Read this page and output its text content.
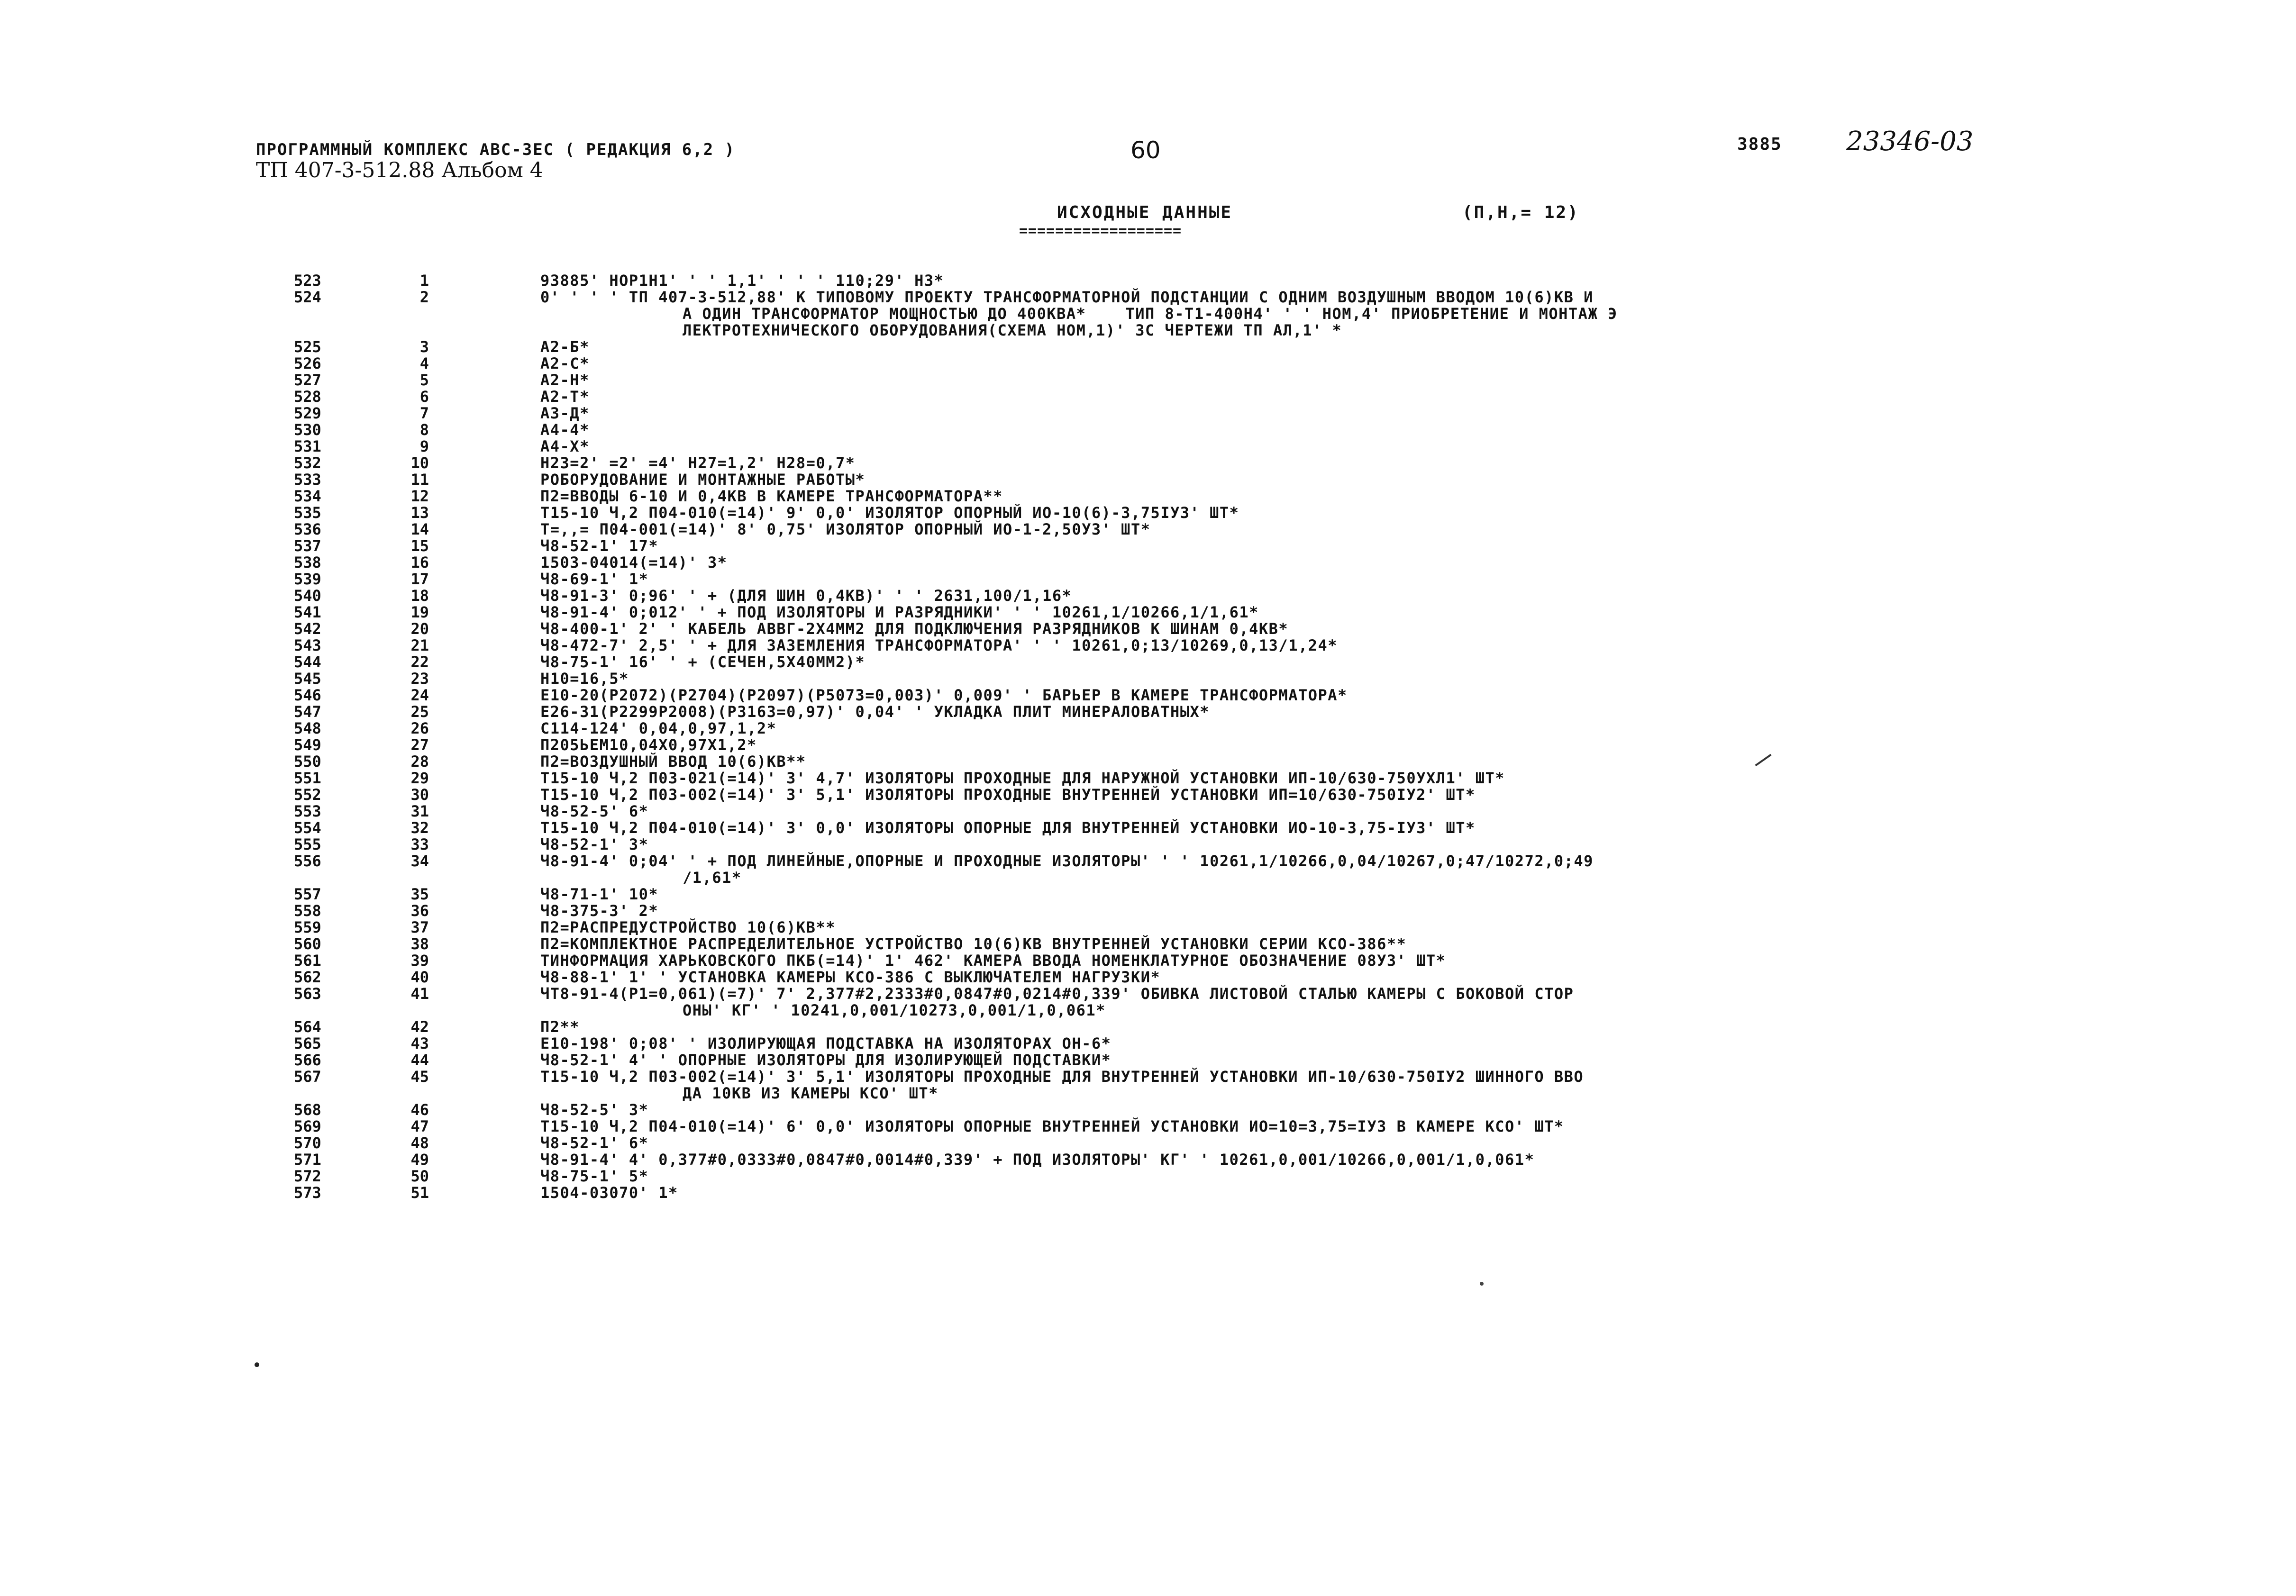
ПРОГРАММНЫЙ КОМПЛЕКС АВС-ЗЕС ( РЕДАКЦИЯ 6,2 )
ТП 407-3-512.88 Альбом 4
60	3885 23346-03
ИСХОДНЫЕ ДАННЫЕ
==================
(П,Н,= 12)
523	1	93885' НОР1Н1' ' ' 1,1' ' ' ' 110;29' Н3*
524	2	0' ' ' ' ТП 407-3-512,88' К ТИПОВОМУ ПРОЕКТУ ТРАНСФОРМАТОРНОЙ ПОДСТАНЦИИ С ОДНИМ ВОЗДУШНЫМ ВВОДОМ 10(6)КВ И
А ОДИН ТРАНСФОРМАТОР МОЩНОСТЬЮ ДО 400КВА*    ТИП 8-Т1-400Н4' ' ' НОМ,4' ПРИОБРЕТЕНИЕ И МОНТАЖ Э
ЛЕКТРОТЕХНИЧЕСКОГО ОБОРУДОВАНИЯ(СХЕМА НОМ,1)' ЗС ЧЕРТЕЖИ ТП АЛ,1' *
525	3	А2-Б*
526	4	А2-С*
527	5	А2-Н*
528	6	А2-Т*
529	7	А3-Д*
530	8	А4-4*
531	9	А4-Х*
532	10	Н23=2' =2' =4' Н27=1,2' Н28=0,7*
533	11	РОБОРУДОВАНИЕ И МОНТАЖНЫЕ РАБОТЫ*
534	12	П2=ВВОДЫ 6-10 И 0,4КВ В КАМЕРЕ ТРАНСФОРМАТОРА**
535	13	Т15-10 Ч,2 П04-010(=14)' 9' 0,0' ИЗОЛЯТОР ОПОРНЫЙ ИО-10(6)-3,75IУ3' ШТ*
536	14	Т=,,= П04-001(=14)' 8' 0,75' ИЗОЛЯТОР ОПОРНЫЙ ИО-1-2,50У3' ШТ*
537	15	Ч8-52-1' 17*
538	16	1503-04014(=14)' 3*
539	17	Ч8-69-1' 1*
540	18	Ч8-91-3' 0;96' ' + (ДЛЯ ШИН 0,4КВ)' ' ' 2631,100/1,16*
541	19	Ч8-91-4' 0;012' ' + ПОД ИЗОЛЯТОРЫ И РАЗРЯДНИКИ' ' ' 10261,1/10266,1/1,61*
542	20	Ч8-400-1' 2' ' КАБЕЛЬ АВВГ-2Х4ММ2 ДЛЯ ПОДКЛЮЧЕНИЯ РАЗРЯДНИКОВ К ШИНАМ 0,4КВ*
543	21	Ч8-472-7' 2,5' ' + ДЛЯ ЗАЗЕМЛЕНИЯ ТРАНСФОРМАТОРА' ' ' 10261,0;13/10269,0,13/1,24*
544	22	Ч8-75-1' 16' ' + (СЕЧЕН,5Х40ММ2)*
545	23	Н10=16,5*
546	24	Е10-20(Р2072)(Р2704)(Р2097)(Р5073=0,003)' 0,009' ' БАРЬЕР В КАМЕРЕ ТРАНСФОРМАТОРА*
547	25	Е26-31(Р2299Р2008)(Р3163=0,97)' 0,04' ' УКЛАДКА ПЛИТ МИНЕРАЛОВАТНЫХ*
548	26	С114-124' 0,04,0,97,1,2*
549	27	П205ЬЕМ10,04Х0,97Х1,2*
550	28	П2=ВОЗДУШНЫЙ ВВОД 10(6)КВ**
551	29	Т15-10 Ч,2 П03-021(=14)' 3' 4,7' ИЗОЛЯТОРЫ ПРОХОДНЫЕ ДЛЯ НАРУЖНОЙ УСТАНОВКИ ИП-10/630-750УХЛ1' ШТ*
552	30	Т15-10 Ч,2 П03-002(=14)' 3' 5,1' ИЗОЛЯТОРЫ ПРОХОДНЫЕ ВНУТРЕННЕЙ УСТАНОВКИ ИП=10/630-750IУ2' ШТ*
553	31	Ч8-52-5' 6*
554	32	Т15-10 Ч,2 П04-010(=14)' 3' 0,0' ИЗОЛЯТОРЫ ОПОРНЫЕ ДЛЯ ВНУТРЕННЕЙ УСТАНОВКИ ИО-10-3,75-IУ3' ШТ*
555	33	Ч8-52-1' 3*
556	34	Ч8-91-4' 0;04' ' + ПОД ЛИНЕЙНЫЕ,ОПОРНЫЕ И ПРОХОДНЫЕ ИЗОЛЯТОРЫ' ' ' 10261,1/10266,0,04/10267,0;47/10272,0;49
/1,61*
557	35	Ч8-71-1' 10*
558	36	Ч8-375-3' 2*
559	37	П2=РАСПРЕДУСТРОЙСТВО 10(6)КВ**
560	38	П2=КОМПЛЕКТНОЕ РАСПРЕДЕЛИТЕЛЬНОЕ УСТРОЙСТВО 10(6)КВ ВНУТРЕННЕЙ УСТАНОВКИ СЕРИИ КСО-386**
561	39	ТИНФОРМАЦИЯ ХАРЬКОВСКОГО ПКБ(=14)' 1' 462' КАМЕРА ВВОДА НОМЕНКЛАТУРНОЕ ОБОЗНАЧЕНИЕ 08У3' ШТ*
562	40	Ч8-88-1' 1' ' УСТАНОВКА КАМЕРЫ КСО-386 С ВЫКЛЮЧАТЕЛЕМ НАГРУЗКИ*
563	41	ЧТ8-91-4(Р1=0,061)(=7)' 7' 2,377#2,2333#0,0847#0,0214#0,339' ОБИВКА ЛИСТОВОЙ СТАЛЬЮ КАМЕРЫ С БОКОВОЙ СТОР
ОНЫ' КГ' ' 10241,0,001/10273,0,001/1,0,061*
564	42	П2**
565	43	Е10-198' 0;08' ' ИЗОЛИРУЮЩАЯ ПОДСТАВКА НА ИЗОЛЯТОРАХ ОН-6*
566	44	Ч8-52-1' 4' ' ОПОРНЫЕ ИЗОЛЯТОРЫ ДЛЯ ИЗОЛИРУЮЩЕЙ ПОДСТАВКИ*
567	45	Т15-10 Ч,2 П03-002(=14)' 3' 5,1' ИЗОЛЯТОРЫ ПРОХОДНЫЕ ДЛЯ ВНУТРЕННЕЙ УСТАНОВКИ ИП-10/630-750IУ2 ШИННОГО ВВО
ДА 10КВ ИЗ КАМЕРЫ КСО' ШТ*
568	46	Ч8-52-5' 3*
569	47	Т15-10 Ч,2 П04-010(=14)' 6' 0,0' ИЗОЛЯТОРЫ ОПОРНЫЕ ВНУТРЕННЕЙ УСТАНОВКИ ИО=10=3,75=IУ3 В КАМЕРЕ КСО' ШТ*
570	48	Ч8-52-1' 6*
571	49	Ч8-91-4' 4' 0,377#0,0333#0,0847#0,0014#0,339' + ПОД ИЗОЛЯТОРЫ' КГ' ' 10261,0,001/10266,0,001/1,0,061*
572	50	Ч8-75-1' 5*
573	51	1504-03070' 1*
